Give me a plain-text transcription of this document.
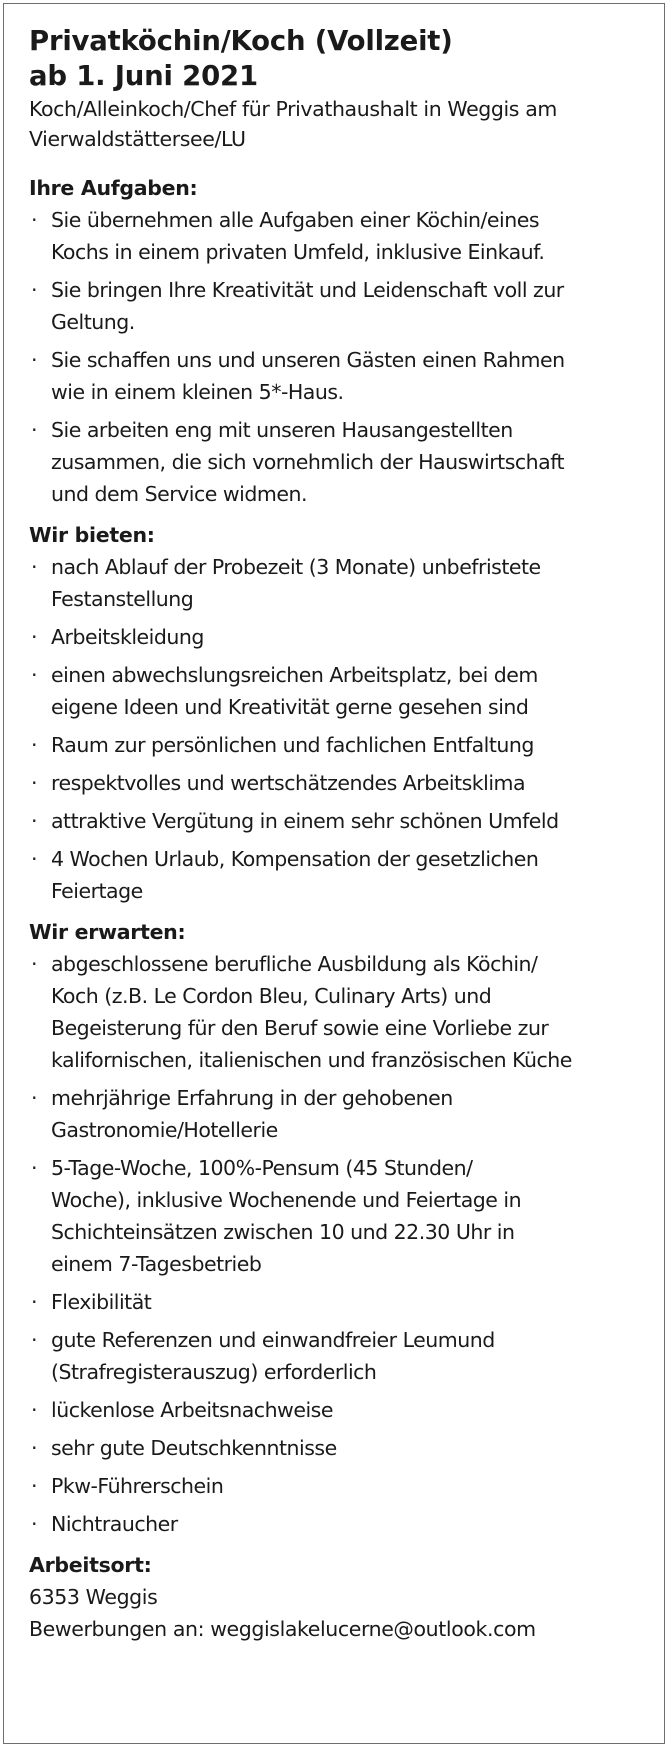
Privatköchin/Koch (Vollzeit)
ab 1. Juni 2021

Koch/Alleinkoch/Chef für Privathaushalt in Weggis am
Vierwaldstättersee/LU

Ihre Aufgaben:

· Sie übernehmen alle Aufgaben einer Köchin/eines
Kochs in einem privaten Umfeld, inklusive Einkauf.
· Sie bringen Ihre Kreativität und Leidenschaft voll zur
Geltung.
· Sie schaffen uns und unseren Gästen einen Rahmen
wie in einem kleinen 5*-Haus.
· Sie arbeiten eng mit unseren Hausangestellten
zusammen, die sich vornehmlich der Hauswirtschaft
und dem Service widmen.

Wir bieten:

· nach Ablauf der Probezeit (3 Monate) unbefristete
Festanstellung
· Arbeitskleidung
· einen abwechslungsreichen Arbeitsplatz, bei dem
eigene Ideen und Kreativität gerne gesehen sind
· Raum zur persönlichen und fachlichen Entfaltung
· respektvolles und wertschätzendes Arbeitsklima
· attraktive Vergütung in einem sehr schönen Umfeld
· 4 Wochen Urlaub, Kompensation der gesetzlichen
Feiertage

Wir erwarten:

· abgeschlossene berufliche Ausbildung als Köchin/
Koch (z.B. Le Cordon Bleu, Culinary Arts) und
Begeisterung für den Beruf sowie eine Vorliebe zur
kalifornischen, italienischen und französischen Küche
· mehrjährige Erfahrung in der gehobenen
Gastronomie/Hotellerie
· 5-Tage-Woche, 100%-Pensum (45 Stunden/
Woche), inklusive Wochenende und Feiertage in
Schichteinsätzen zwischen 10 und 22.30 Uhr in
einem 7-Tagesbetrieb
· Flexibilität
· gute Referenzen und einwandfreier Leumund
(Strafregisterauszug) erforderlich
· lückenlose Arbeitsnachweise
· sehr gute Deutschkenntnisse
· Pkw-Führerschein
· Nichtraucher

Arbeitsort:

6353 Weggis

Bewerbungen an: weggislakelucerne@outlook.com
